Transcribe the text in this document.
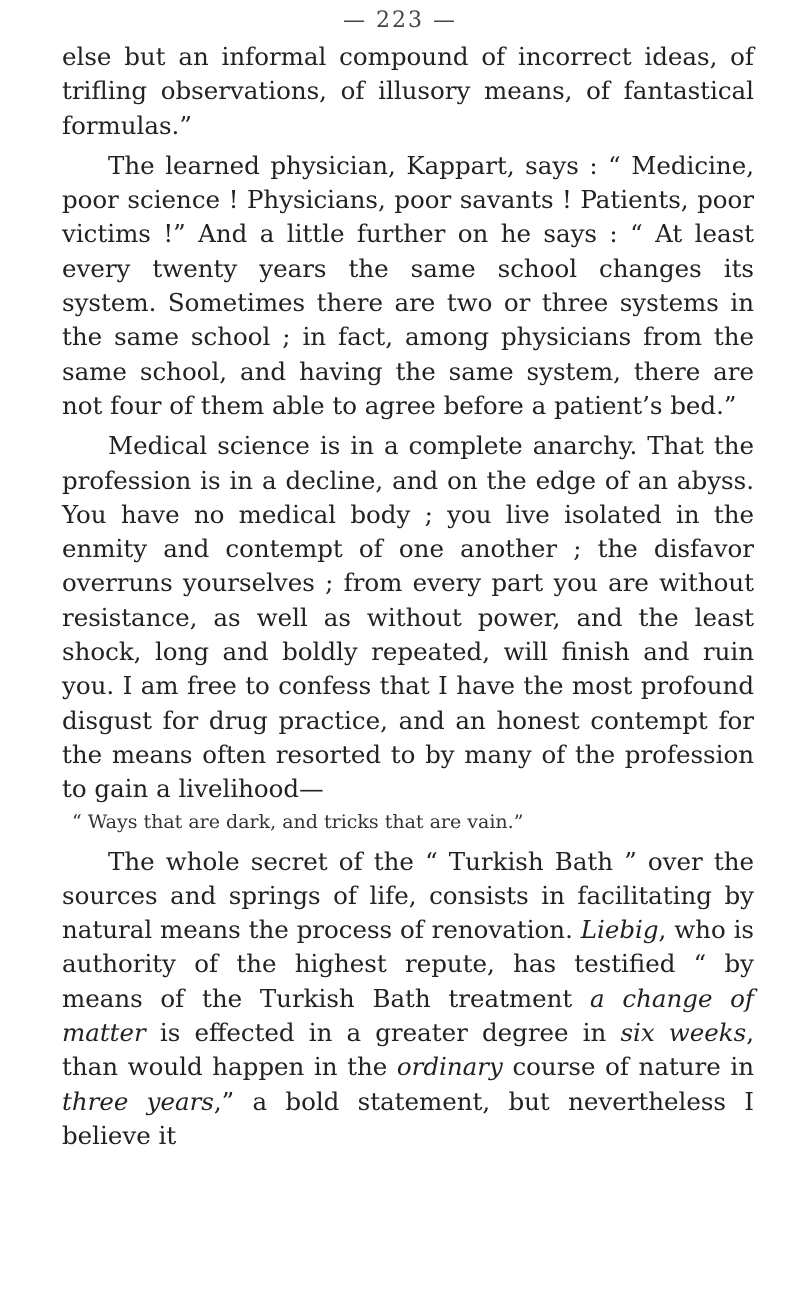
— 223 —

else but an informal compound of incorrect ideas, of trifling observations, of illusory means, of fantastical formulas.”

The learned physician, Kappart, says : “ Medicine, poor science ! Physicians, poor savants ! Patients, poor victims !” And a little further on he says : “ At least every twenty years the same school changes its system. Sometimes there are two or three systems in the same school ; in fact, among physicians from the same school, and having the same system, there are not four of them able to agree before a patient’s bed.”

Medical science is in a complete anarchy. That the profession is in a decline, and on the edge of an abyss. You have no medical body ; you live isolated in the enmity and contempt of one another ; the disfavor overruns yourselves ; from every part you are without resistance, as well as without power, and the least shock, long and boldly repeated, will finish and ruin you. I am free to confess that I have the most profound disgust for drug practice, and an honest contempt for the means often resorted to by many of the profession to gain a livelihood—

“ Ways that are dark, and tricks that are vain.”

The whole secret of the “ Turkish Bath ” over the sources and springs of life, consists in facilitating by natural means the process of renovation. Liebig, who is authority of the highest repute, has testified “ by means of the Turkish Bath treatment a change of matter is effected in a greater degree in six weeks, than would happen in the ordinary course of nature in three years,” a bold statement, but nevertheless I believe it
